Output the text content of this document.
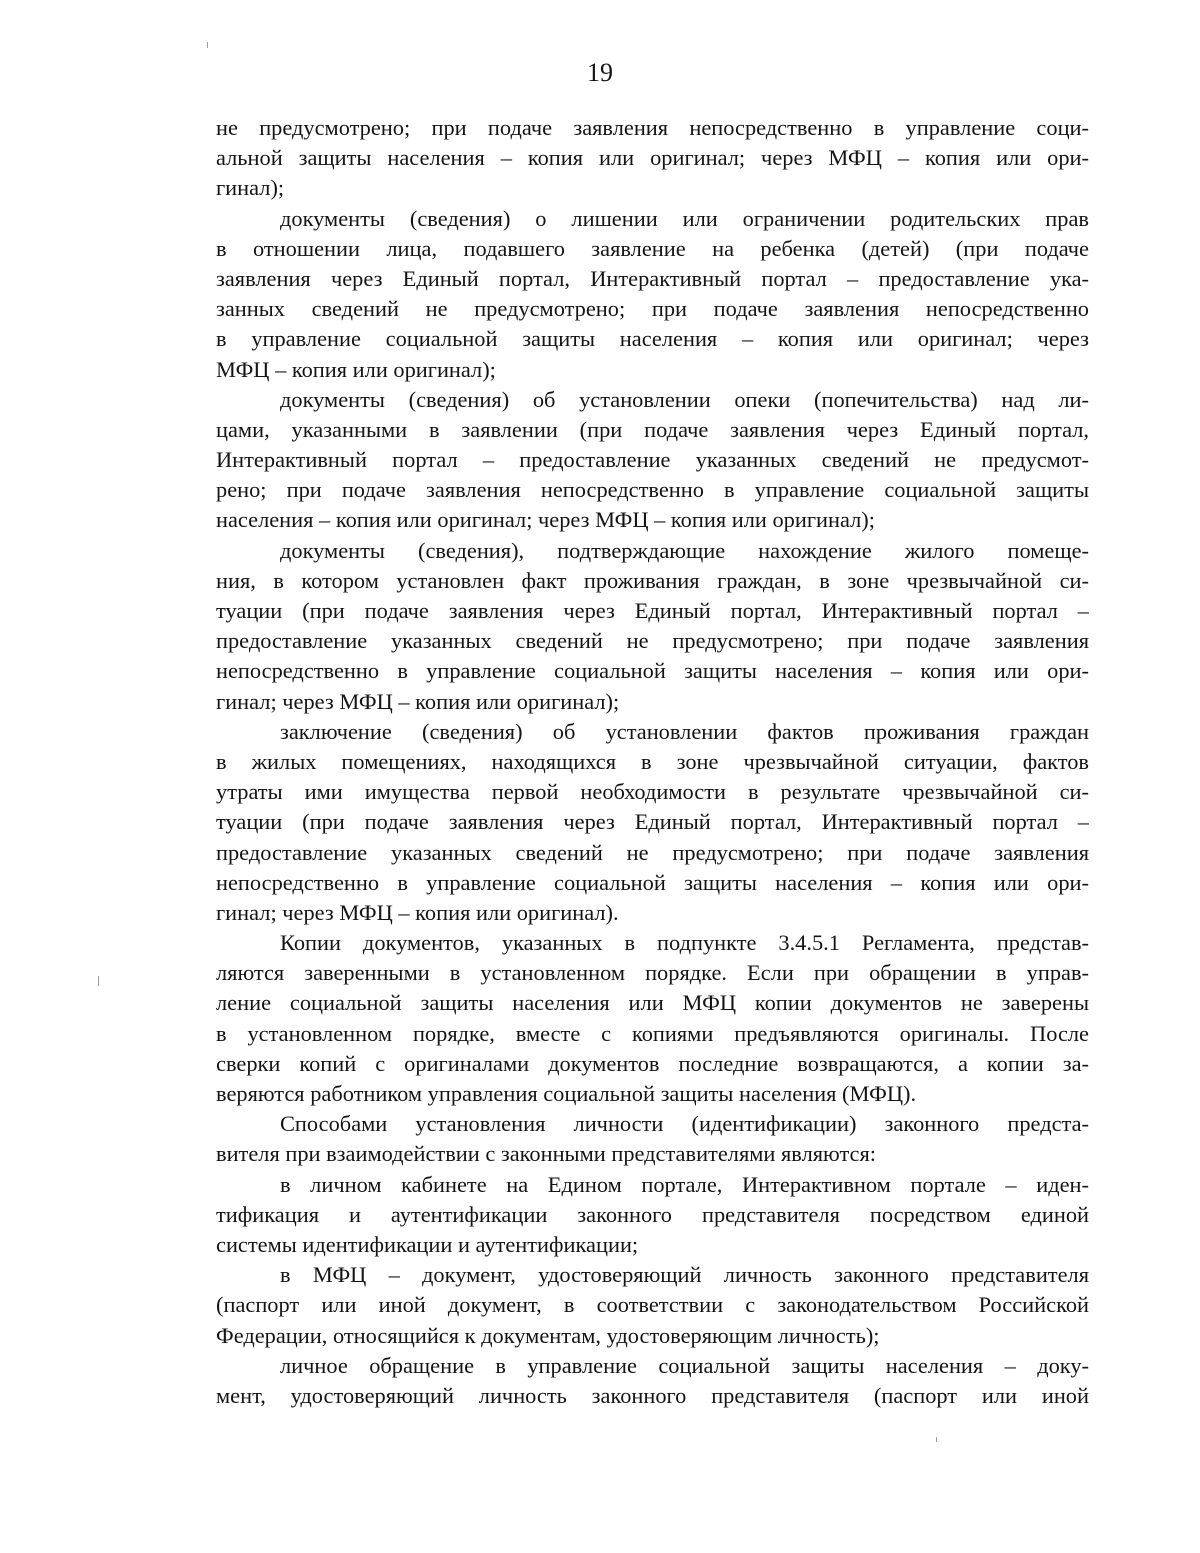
19
не предусмотрено; при подаче заявления непосредственно в управление соци-
альной защиты населения – копия или оригинал; через МФЦ – копия или ори-
гинал);
документы (сведения) о лишении или ограничении родительских прав
в отношении лица, подавшего заявление на ребенка (детей) (при подаче
заявления через Единый портал, Интерактивный портал – предоставление ука-
занных сведений не предусмотрено; при подаче заявления непосредственно
в управление социальной защиты населения – копия или оригинал; через
МФЦ – копия или оригинал);
документы (сведения) об установлении опеки (попечительства) над ли-
цами, указанными в заявлении (при подаче заявления через Единый портал,
Интерактивный портал – предоставление указанных сведений не предусмот-
рено; при подаче заявления непосредственно в управление социальной защиты
населения – копия или оригинал; через МФЦ – копия или оригинал);
документы (сведения), подтверждающие нахождение жилого помеще-
ния, в котором установлен факт проживания граждан, в зоне чрезвычайной си-
туации (при подаче заявления через Единый портал, Интерактивный портал –
предоставление указанных сведений не предусмотрено; при подаче заявления
непосредственно в управление социальной защиты населения – копия или ори-
гинал; через МФЦ – копия или оригинал);
заключение (сведения) об установлении фактов проживания граждан
в жилых помещениях, находящихся в зоне чрезвычайной ситуации, фактов
утраты ими имущества первой необходимости в результате чрезвычайной си-
туации (при подаче заявления через Единый портал, Интерактивный портал –
предоставление указанных сведений не предусмотрено; при подаче заявления
непосредственно в управление социальной защиты населения – копия или ори-
гинал; через МФЦ – копия или оригинал).
Копии документов, указанных в подпункте 3.4.5.1 Регламента, представ-
ляются заверенными в установленном порядке. Если при обращении в управ-
ление социальной защиты населения или МФЦ копии документов не заверены
в установленном порядке, вместе с копиями предъявляются оригиналы. После
сверки копий с оригиналами документов последние возвращаются, а копии за-
веряются работником управления социальной защиты населения (МФЦ).
Способами установления личности (идентификации) законного предста-
вителя при взаимодействии с законными представителями являются:
в личном кабинете на Едином портале, Интерактивном портале – иден-
тификация и аутентификации законного представителя посредством единой
системы идентификации и аутентификации;
в МФЦ – документ, удостоверяющий личность законного представителя
(паспорт или иной документ, в соответствии с законодательством Российской
Федерации, относящийся к документам, удостоверяющим личность);
личное обращение в управление социальной защиты населения – доку-
мент, удостоверяющий личность законного представителя (паспорт или иной
